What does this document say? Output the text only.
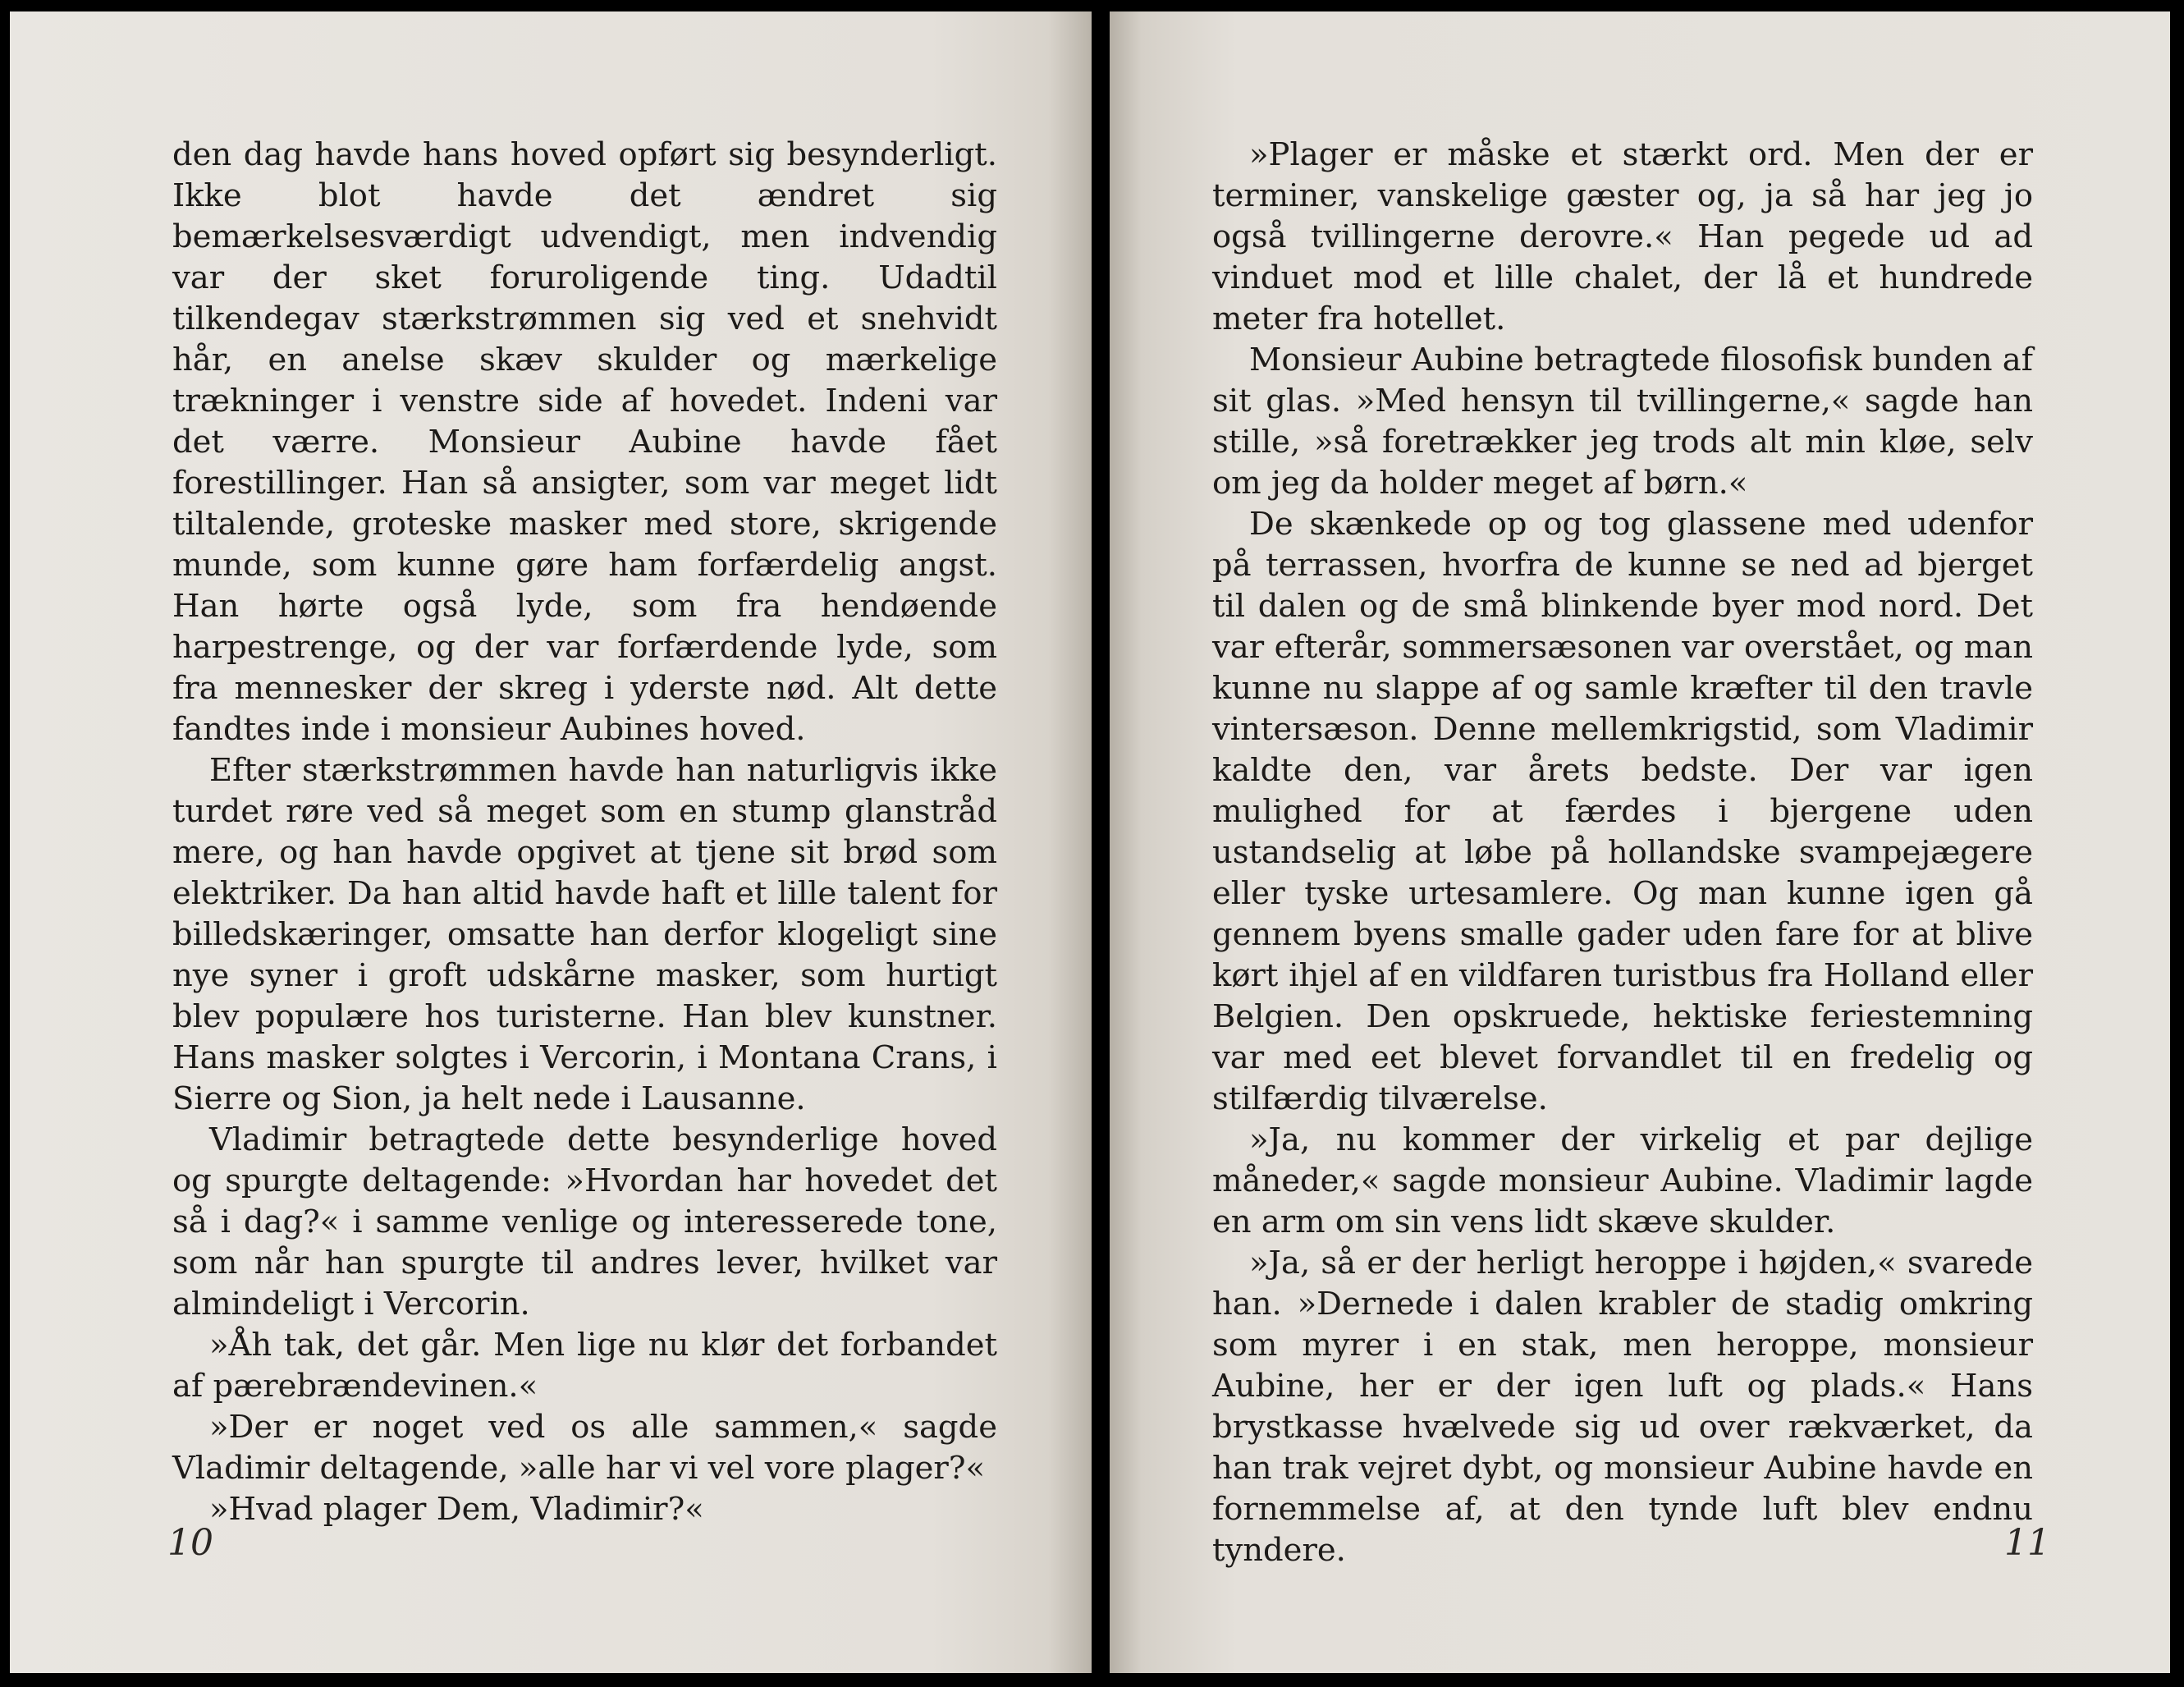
den dag havde hans hoved opført sig besynderligt. Ikke blot havde det ændret sig bemærkelsesværdigt udvendigt, men indvendig var der sket foruroligende ting. Udadtil tilkendegav stærkstrømmen sig ved et snehvidt hår, en anelse skæv skulder og mærkelige trækninger i venstre side af hovedet. Indeni var det værre. Monsieur Aubine havde fået forestillinger. Han så ansigter, som var meget lidt tiltalende, groteske masker med store, skrigende munde, som kunne gøre ham forfærdelig angst. Han hørte også lyde, som fra hendøende harpestrenge, og der var forfærdende lyde, som fra mennesker der skreg i yderste nød. Alt dette fandtes inde i monsieur Aubines hoved.

Efter stærkstrømmen havde han naturligvis ikke turdet røre ved så meget som en stump glanstråd mere, og han havde opgivet at tjene sit brød som elektriker. Da han altid havde haft et lille talent for billedskæringer, omsatte han derfor klogeligt sine nye syner i groft udskårne masker, som hurtigt blev populære hos turisterne. Han blev kunstner. Hans masker solgtes i Vercorin, i Montana Crans, i Sierre og Sion, ja helt nede i Lausanne.

Vladimir betragtede dette besynderlige hoved og spurgte deltagende: »Hvordan har hovedet det så i dag?« i samme venlige og interesserede tone, som når han spurgte til andres lever, hvilket var almindeligt i Vercorin.

»Åh tak, det går. Men lige nu klør det forbandet af pærebrændevinen.«

»Der er noget ved os alle sammen,« sagde Vladimir deltagende, »alle har vi vel vore plager?«

»Hvad plager Dem, Vladimir?«

10

»Plager er måske et stærkt ord. Men der er terminer, vanskelige gæster og, ja så har jeg jo også tvillingerne derovre.« Han pegede ud ad vinduet mod et lille chalet, der lå et hundrede meter fra hotellet.

Monsieur Aubine betragtede filosofisk bunden af sit glas. »Med hensyn til tvillingerne,« sagde han stille, »så foretrækker jeg trods alt min kløe, selv om jeg da holder meget af børn.«

De skænkede op og tog glassene med udenfor på terrassen, hvorfra de kunne se ned ad bjerget til dalen og de små blinkende byer mod nord. Det var efterår, sommersæsonen var overstået, og man kunne nu slappe af og samle kræfter til den travle vintersæson. Denne mellemkrigstid, som Vladimir kaldte den, var årets bedste. Der var igen mulighed for at færdes i bjergene uden ustandselig at løbe på hollandske svampejægere eller tyske urtesamlere. Og man kunne igen gå gennem byens smalle gader uden fare for at blive kørt ihjel af en vildfaren turistbus fra Holland eller Belgien. Den opskruede, hektiske feriestemning var med eet blevet forvandlet til en fredelig og stilfærdig tilværelse.

»Ja, nu kommer der virkelig et par dejlige måneder,« sagde monsieur Aubine. Vladimir lagde en arm om sin vens lidt skæve skulder.

»Ja, så er der herligt heroppe i højden,« svarede han. »Dernede i dalen krabler de stadig omkring som myrer i en stak, men heroppe, monsieur Aubine, her er der igen luft og plads.« Hans brystkasse hvælvede sig ud over rækværket, da han trak vejret dybt, og monsieur Aubine havde en fornemmelse af, at den tynde luft blev endnu tyndere.	11
